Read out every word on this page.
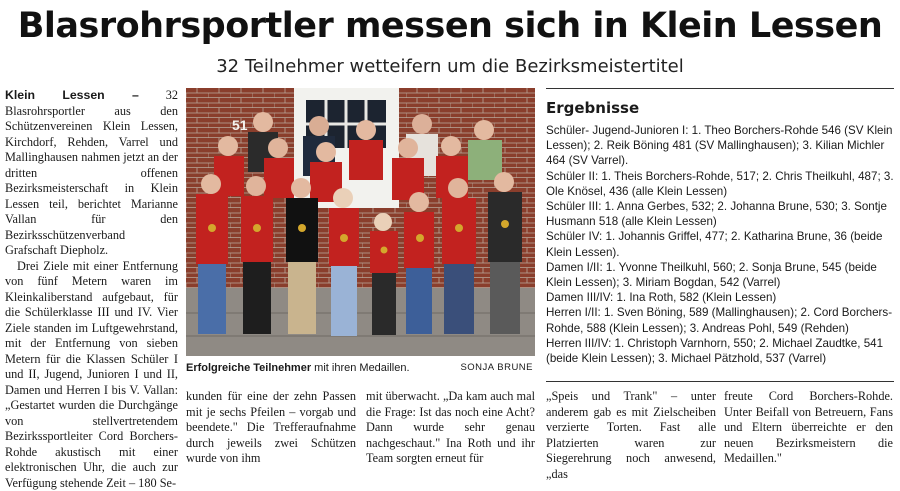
Blasrohrsportler messen sich in Klein Lessen
32 Teilnehmer wetteifern um die Bezirksmeistertitel
Klein Lessen – 32 Blasrohrsportler aus den Schützenvereinen Klein Lessen, Kirchdorf, Rehden, Varrel und Mallinghausen nahmen jetzt an der dritten offenen Bezirksmeisterschaft in Klein Lessen teil, berichtet Marianne Vallan für den Bezirksschützenverband Grafschaft Diepholz.
Drei Ziele mit einer Entfernung von fünf Metern waren im Kleinkaliberstand aufgebaut, für die Schülerklasse III und IV. Vier Ziele standen im Luftgewehrstand, mit der Entfernung von sieben Metern für die Klassen Schüler I und II, Jugend, Junioren I und II, Damen und Herren I bis V. Vallan: „Gestartet wurden die Durchgänge von stellvertretendem Bezirkssportleiter Cord Borchers-Rohde akustisch mit einer elektronischen Uhr, die auch zur Verfügung stehende Zeit – 180 Se-
51
Erfolgreiche Teilnehmer mit ihren Medaillen.	SONJA BRUNE
kunden für eine der zehn Passen mit je sechs Pfeilen – vorgab und beendete." Die Trefferaufnahme durch jeweils zwei Schützen wurde von ihm
mit überwacht. „Da kam auch mal die Frage: Ist das noch eine Acht? Dann wurde sehr genau nachgeschaut." Ina Roth und ihr Team sorgten erneut für
„Speis und Trank" – unter anderem gab es mit Zielscheiben verzierte Torten. Fast alle Platzierten waren zur Siegerehrung noch anwesend, „das
freute Cord Borchers-Rohde. Unter Beifall von Betreuern, Fans und Eltern überreichte er den neuen Bezirksmeistern die Medaillen."
Ergebnisse
Schüler- Jugend-Junioren I: 1. Theo Borchers-Rohde 546 (SV Klein Lessen); 2. Reik Böning 481 (SV Mallinghausen); 3. Kilian Michler 464 (SV Varrel).
Schüler II: 1. Theis Borchers-Rohde, 517; 2. Chris Theilkuhl, 487; 3. Ole Knösel, 436 (alle Klein Lessen)
Schüler III: 1. Anna Gerbes, 532; 2. Johanna Brune, 530; 3. Sontje Husmann 518 (alle Klein Lessen)
Schüler IV: 1. Johannis Griffel, 477; 2. Katharina Brune, 36 (beide Klein Lessen).
Damen I/II: 1. Yvonne Theilkuhl, 560; 2. Sonja Brune, 545 (beide Klein Lessen); 3. Miriam Bogdan, 542 (Varrel)
Damen III/IV: 1. Ina Roth, 582 (Klein Lessen)
Herren I/II: 1. Sven Böning, 589 (Mallinghausen); 2. Cord Borchers-Rohde, 588 (Klein Lessen); 3. Andreas Pohl, 549 (Rehden)
Herren III/IV: 1. Christoph Varnhorn, 550; 2. Michael Zaudtke, 541 (beide Klein Lessen); 3. Michael Pätzhold, 537 (Varrel)
